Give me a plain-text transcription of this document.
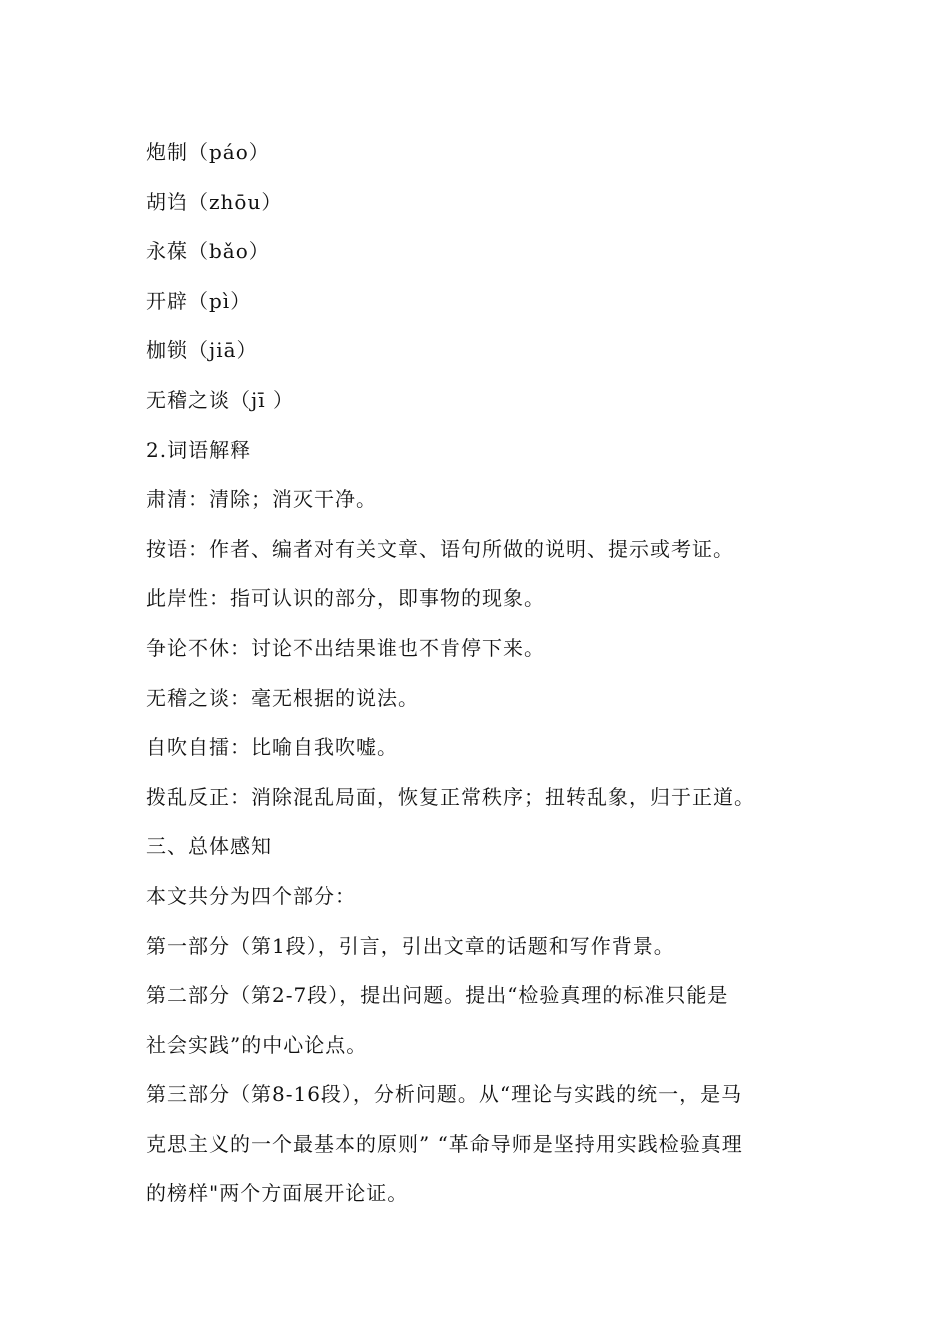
炮制（páo）
胡诌（zhōu）
永葆（bǎo）
开辟（pì）
枷锁（jiā）
无稽之谈（jī ）
2.词语解释
肃清：清除；消灭干净。
按语：作者、编者对有关文章、语句所做的说明、提示或考证。
此岸性：指可认识的部分，即事物的现象。
争论不休：讨论不出结果谁也不肯停下来。
无稽之谈：毫无根据的说法。
自吹自擂：比喻自我吹嘘。
拨乱反正：消除混乱局面，恢复正常秩序；扭转乱象，归于正道。
三、总体感知
本文共分为四个部分：
第一部分（第1段），引言，引出文章的话题和写作背景。
第二部分（第2-7段），提出问题。提出“检验真理的标准只能是
社会实践”的中心论点。
第三部分（第8-16段），分析问题。从“理论与实践的统一，是马
克思主义的一个最基本的原则” “革命导师是坚持用实践检验真理
的榜样"两个方面展开论证。
